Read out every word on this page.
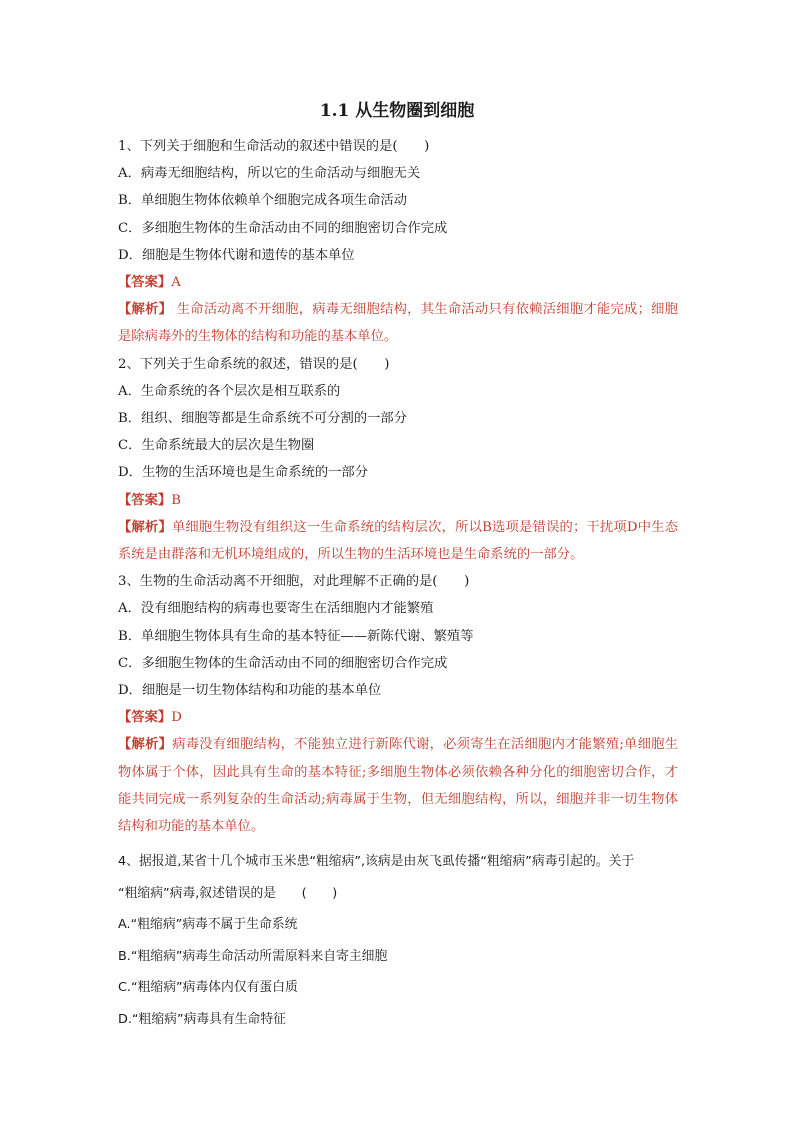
1.1 从生物圈到细胞
1、下列关于细胞和生命活动的叙述中错误的是(　　)
A．病毒无细胞结构，所以它的生命活动与细胞无关
B．单细胞生物体依赖单个细胞完成各项生命活动
C．多细胞生物体的生命活动由不同的细胞密切合作完成
D．细胞是生物体代谢和遗传的基本单位
【答案】A
【解析】 生命活动离不开细胞，病毒无细胞结构，其生命活动只有依赖活细胞才能完成；细胞是除病毒外的生物体的结构和功能的基本单位。
2、下列关于生命系统的叙述，错误的是(　　)
A．生命系统的各个层次是相互联系的
B．组织、细胞等都是生命系统不可分割的一部分
C．生命系统最大的层次是生物圈
D．生物的生活环境也是生命系统的一部分
【答案】B
【解析】单细胞生物没有组织这一生命系统的结构层次，所以B选项是错误的；干扰项D中生态系统是由群落和无机环境组成的，所以生物的生活环境也是生命系统的一部分。
3、生物的生命活动离不开细胞，对此理解不正确的是(　　)
A．没有细胞结构的病毒也要寄生在活细胞内才能繁殖
B．单细胞生物体具有生命的基本特征——新陈代谢、繁殖等
C．多细胞生物体的生命活动由不同的细胞密切合作完成
D．细胞是一切生物体结构和功能的基本单位
【答案】D
【解析】病毒没有细胞结构，不能独立进行新陈代谢，必须寄生在活细胞内才能繁殖;单细胞生物体属于个体，因此具有生命的基本特征;多细胞生物体必须依赖各种分化的细胞密切合作，才能共同完成一系列复杂的生命活动;病毒属于生物，但无细胞结构，所以，细胞并非一切生物体结构和功能的基本单位。
4、据报道,某省十几个城市玉米患“粗缩病”,该病是由灰飞虱传播“粗缩病”病毒引起的。关于
“粗缩病”病毒,叙述错误的是　　(　　)
A.“粗缩病”病毒不属于生命系统
B.“粗缩病”病毒生命活动所需原料来自寄主细胞
C.“粗缩病”病毒体内仅有蛋白质
D.“粗缩病”病毒具有生命特征
